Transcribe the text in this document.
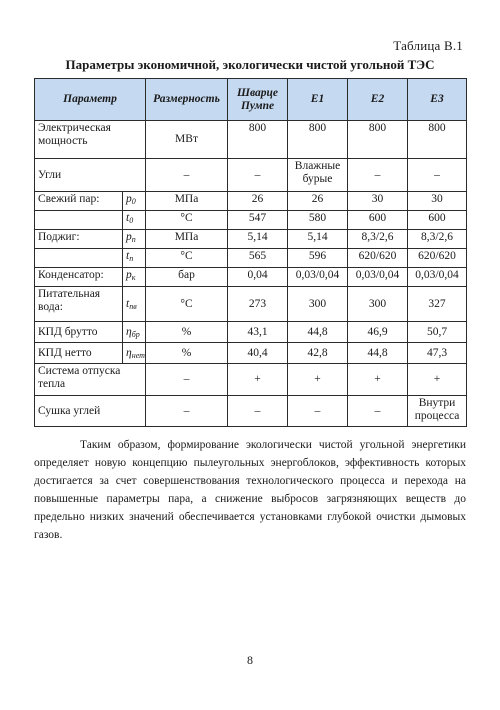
Таблица В.1
Параметры экономичной, экологически чистой угольной ТЭС
Параметр		Размерность	Шварце Пумпе	E1	E2	E3
Электрическая мощность		МВт	800	800	800	800
Угли		–	–	Влажные бурые	–	–
Свежий пар:	$p_0$	МПа	26	26	30	30
	$t_0$	°C	547	580	600	600
Поджиг:	$p_п$	МПа	5,14	5,14	8,3/2,6	8,3/2,6
	$t_п$	°C	565	596	620/620	620/620
Конденсатор:	$p_к$	бар	0,04	0,03/0,04	0,03/0,04	0,03/0,04
Питательная вода:	$t_{пв}$	°C	273	300	300	327
КПД брутто	$\eta_{бр}$	%	43,1	44,8	46,9	50,7
КПД нетто	$\eta_{нет}$	%	40,4	42,8	44,8	47,3
Система отпуска тепла		–	+	+	+	+
Сушка углей		–	–	–	–	Внутри процесса

Таким образом, формирование экологически чистой угольной энергетики определяет новую концепцию пылеугольных энергоблоков, эффективность которых достигается за счет совершенствования технологического процесса и перехода на повышенные параметры пара, а снижение выбросов загрязняющих веществ до предельно низких значений обеспечивается установками глубокой очистки дымовых газов.

8
